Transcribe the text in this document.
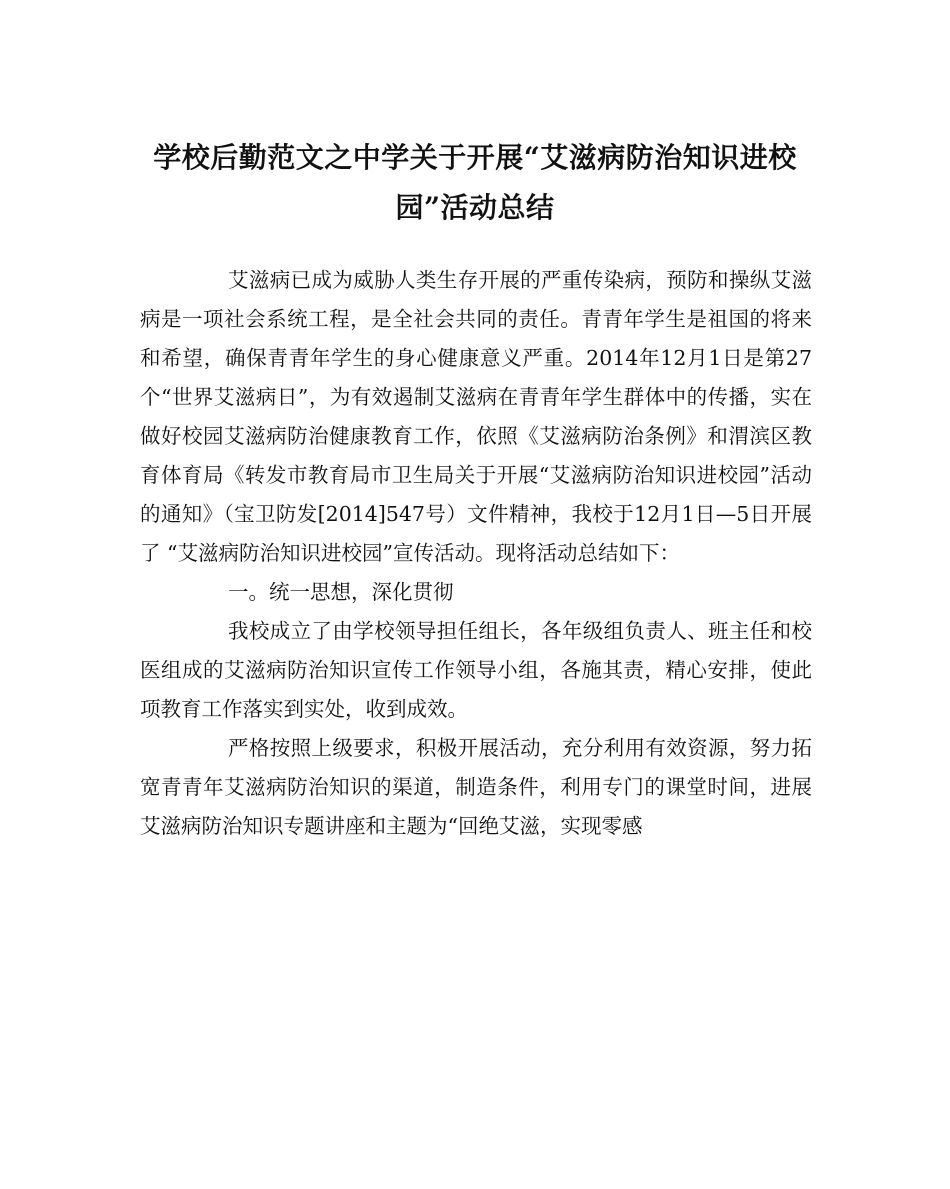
学校后勤范文之中学关于开展“艾滋病防治知识进校园”活动总结

艾滋病已成为威胁人类生存开展的严重传染病，预防和操纵艾滋病是一项社会系统工程，是全社会共同的责任。青青年学生是祖国的将来和希望，确保青青年学生的身心健康意义严重。2014年12月1日是第27个“世界艾滋病日”，为有效遏制艾滋病在青青年学生群体中的传播，实在做好校园艾滋病防治健康教育工作，依照《艾滋病防治条例》和渭滨区教育体育局《转发市教育局市卫生局关于开展“艾滋病防治知识进校园”活动的通知》（宝卫防发[2014]547号）文件精神，我校于12月1日—5日开展了 “艾滋病防治知识进校园”宣传活动。现将活动总结如下：

一。统一思想，深化贯彻

我校成立了由学校领导担任组长，各年级组负责人、班主任和校医组成的艾滋病防治知识宣传工作领导小组，各施其责，精心安排，使此项教育工作落实到实处，收到成效。

严格按照上级要求，积极开展活动，充分利用有效资源，努力拓宽青青年艾滋病防治知识的渠道，制造条件，利用专门的课堂时间，进展艾滋病防治知识专题讲座和主题为“回绝艾滋，实现零感
